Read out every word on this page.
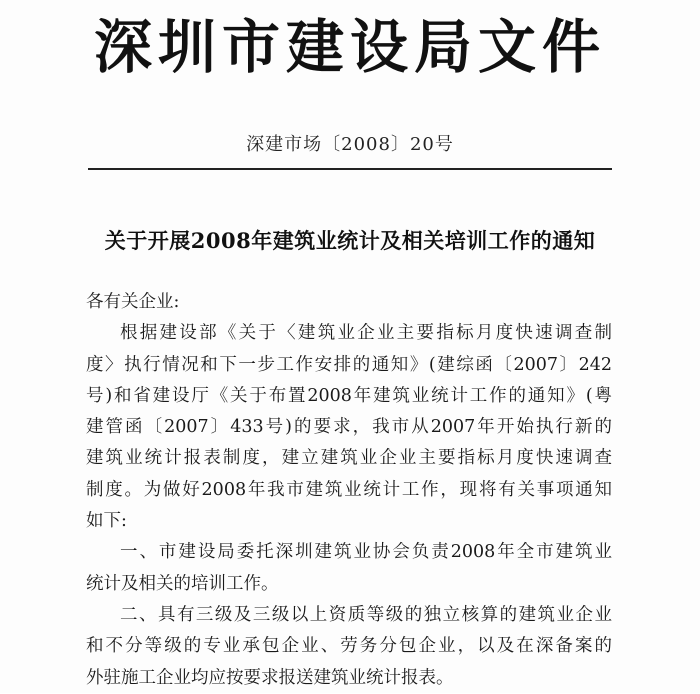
深圳市建设局文件
深建市场〔2008〕20号
关于开展2008年建筑业统计及相关培训工作的通知
各有关企业:
根据建设部《关于〈建筑业企业主要指标月度快速调查制
度〉执行情况和下一步工作安排的通知》(建综函〔2007〕242
号)和省建设厅《关于布置2008年建筑业统计工作的通知》(粤
建管函〔2007〕433号)的要求，我市从2007年开始执行新的
建筑业统计报表制度，建立建筑业企业主要指标月度快速调查
制度。为做好2008年我市建筑业统计工作，现将有关事项通知
如下:
一、市建设局委托深圳建筑业协会负责2008年全市建筑业
统计及相关的培训工作。
二、具有三级及三级以上资质等级的独立核算的建筑业企业
和不分等级的专业承包企业、劳务分包企业，以及在深备案的
外驻施工企业均应按要求报送建筑业统计报表。
